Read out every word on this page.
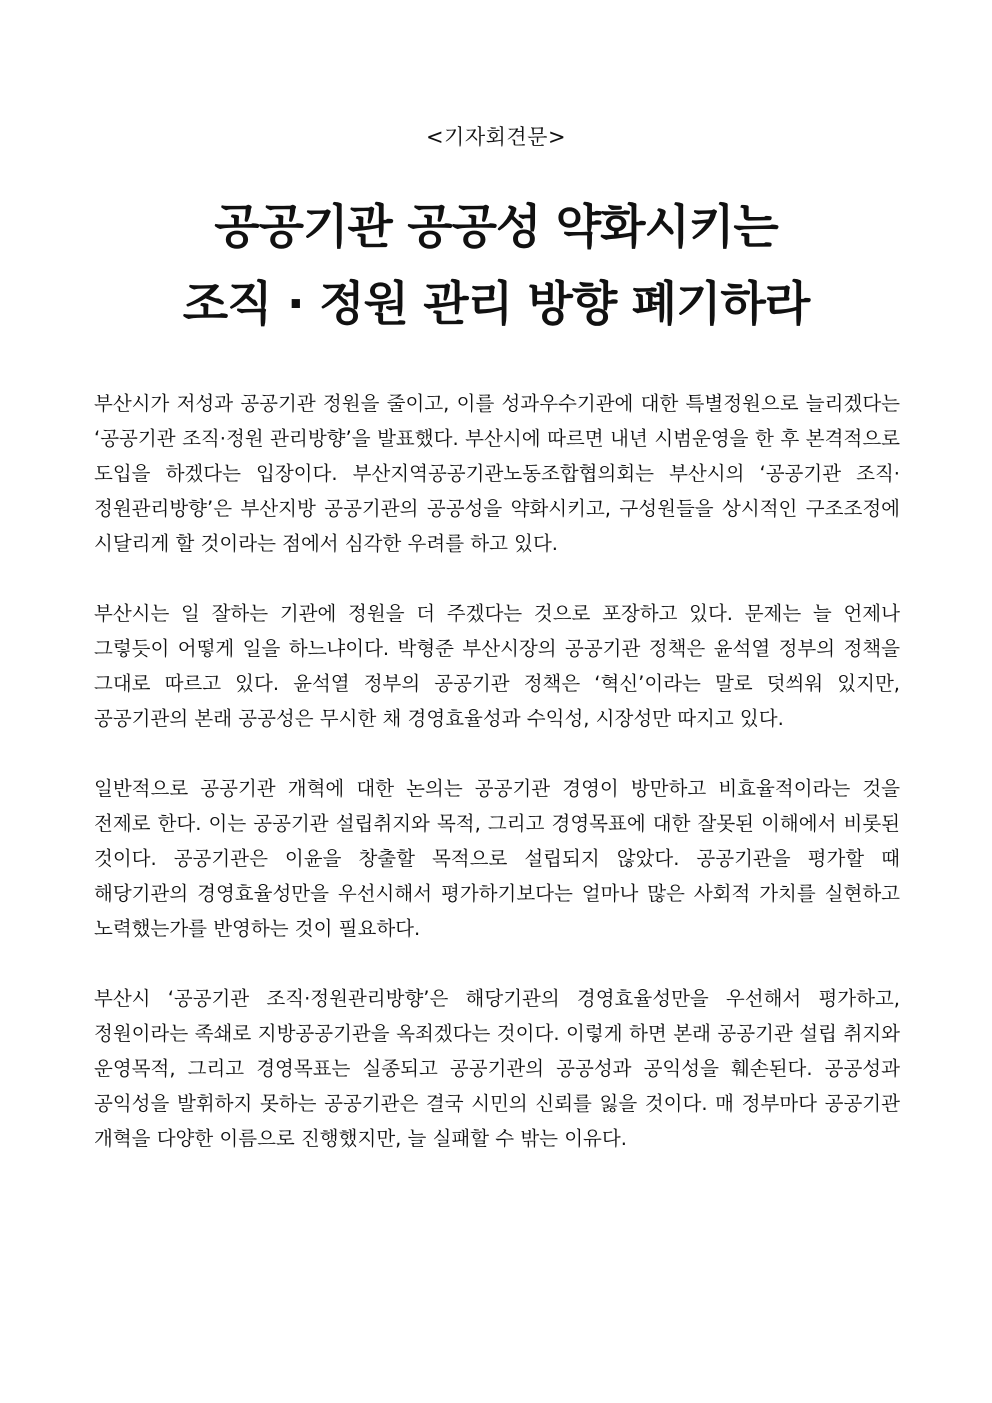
<기자회견문>
공공기관 공공성 약화시키는
조직 · 정원 관리 방향 폐기하라

부산시가 저성과 공공기관 정원을 줄이고, 이를 성과우수기관에 대한 특별정원으로 늘리겠다는 ‘공공기관 조직·정원 관리방향’을 발표했다. 부산시에 따르면 내년 시범운영을 한 후 본격적으로 도입을 하겠다는 입장이다. 부산지역공공기관노동조합협의회는 부산시의 ‘공공기관 조직·정원관리방향’은 부산지방 공공기관의 공공성을 약화시키고, 구성원들을 상시적인 구조조정에 시달리게 할 것이라는 점에서 심각한 우려를 하고 있다.

부산시는 일 잘하는 기관에 정원을 더 주겠다는 것으로 포장하고 있다. 문제는 늘 언제나 그렇듯이 어떻게 일을 하느냐이다. 박형준 부산시장의 공공기관 정책은 윤석열 정부의 정책을 그대로 따르고 있다. 윤석열 정부의 공공기관 정책은 ‘혁신’이라는 말로 덧씌워 있지만, 공공기관의 본래 공공성은 무시한 채 경영효율성과 수익성, 시장성만 따지고 있다.

일반적으로 공공기관 개혁에 대한 논의는 공공기관 경영이 방만하고 비효율적이라는 것을 전제로 한다. 이는 공공기관 설립취지와 목적, 그리고 경영목표에 대한 잘못된 이해에서 비롯된 것이다. 공공기관은 이윤을 창출할 목적으로 설립되지 않았다. 공공기관을 평가할 때 해당기관의 경영효율성만을 우선시해서 평가하기보다는 얼마나 많은 사회적 가치를 실현하고 노력했는가를 반영하는 것이 필요하다.

부산시 ‘공공기관 조직·정원관리방향’은 해당기관의 경영효율성만을 우선해서 평가하고, 정원이라는 족쇄로 지방공공기관을 옥죄겠다는 것이다. 이렇게 하면 본래 공공기관 설립 취지와 운영목적, 그리고 경영목표는 실종되고 공공기관의 공공성과 공익성을 훼손된다. 공공성과 공익성을 발휘하지 못하는 공공기관은 결국 시민의 신뢰를 잃을 것이다. 매 정부마다 공공기관 개혁을 다양한 이름으로 진행했지만, 늘 실패할 수 밖는 이유다.
